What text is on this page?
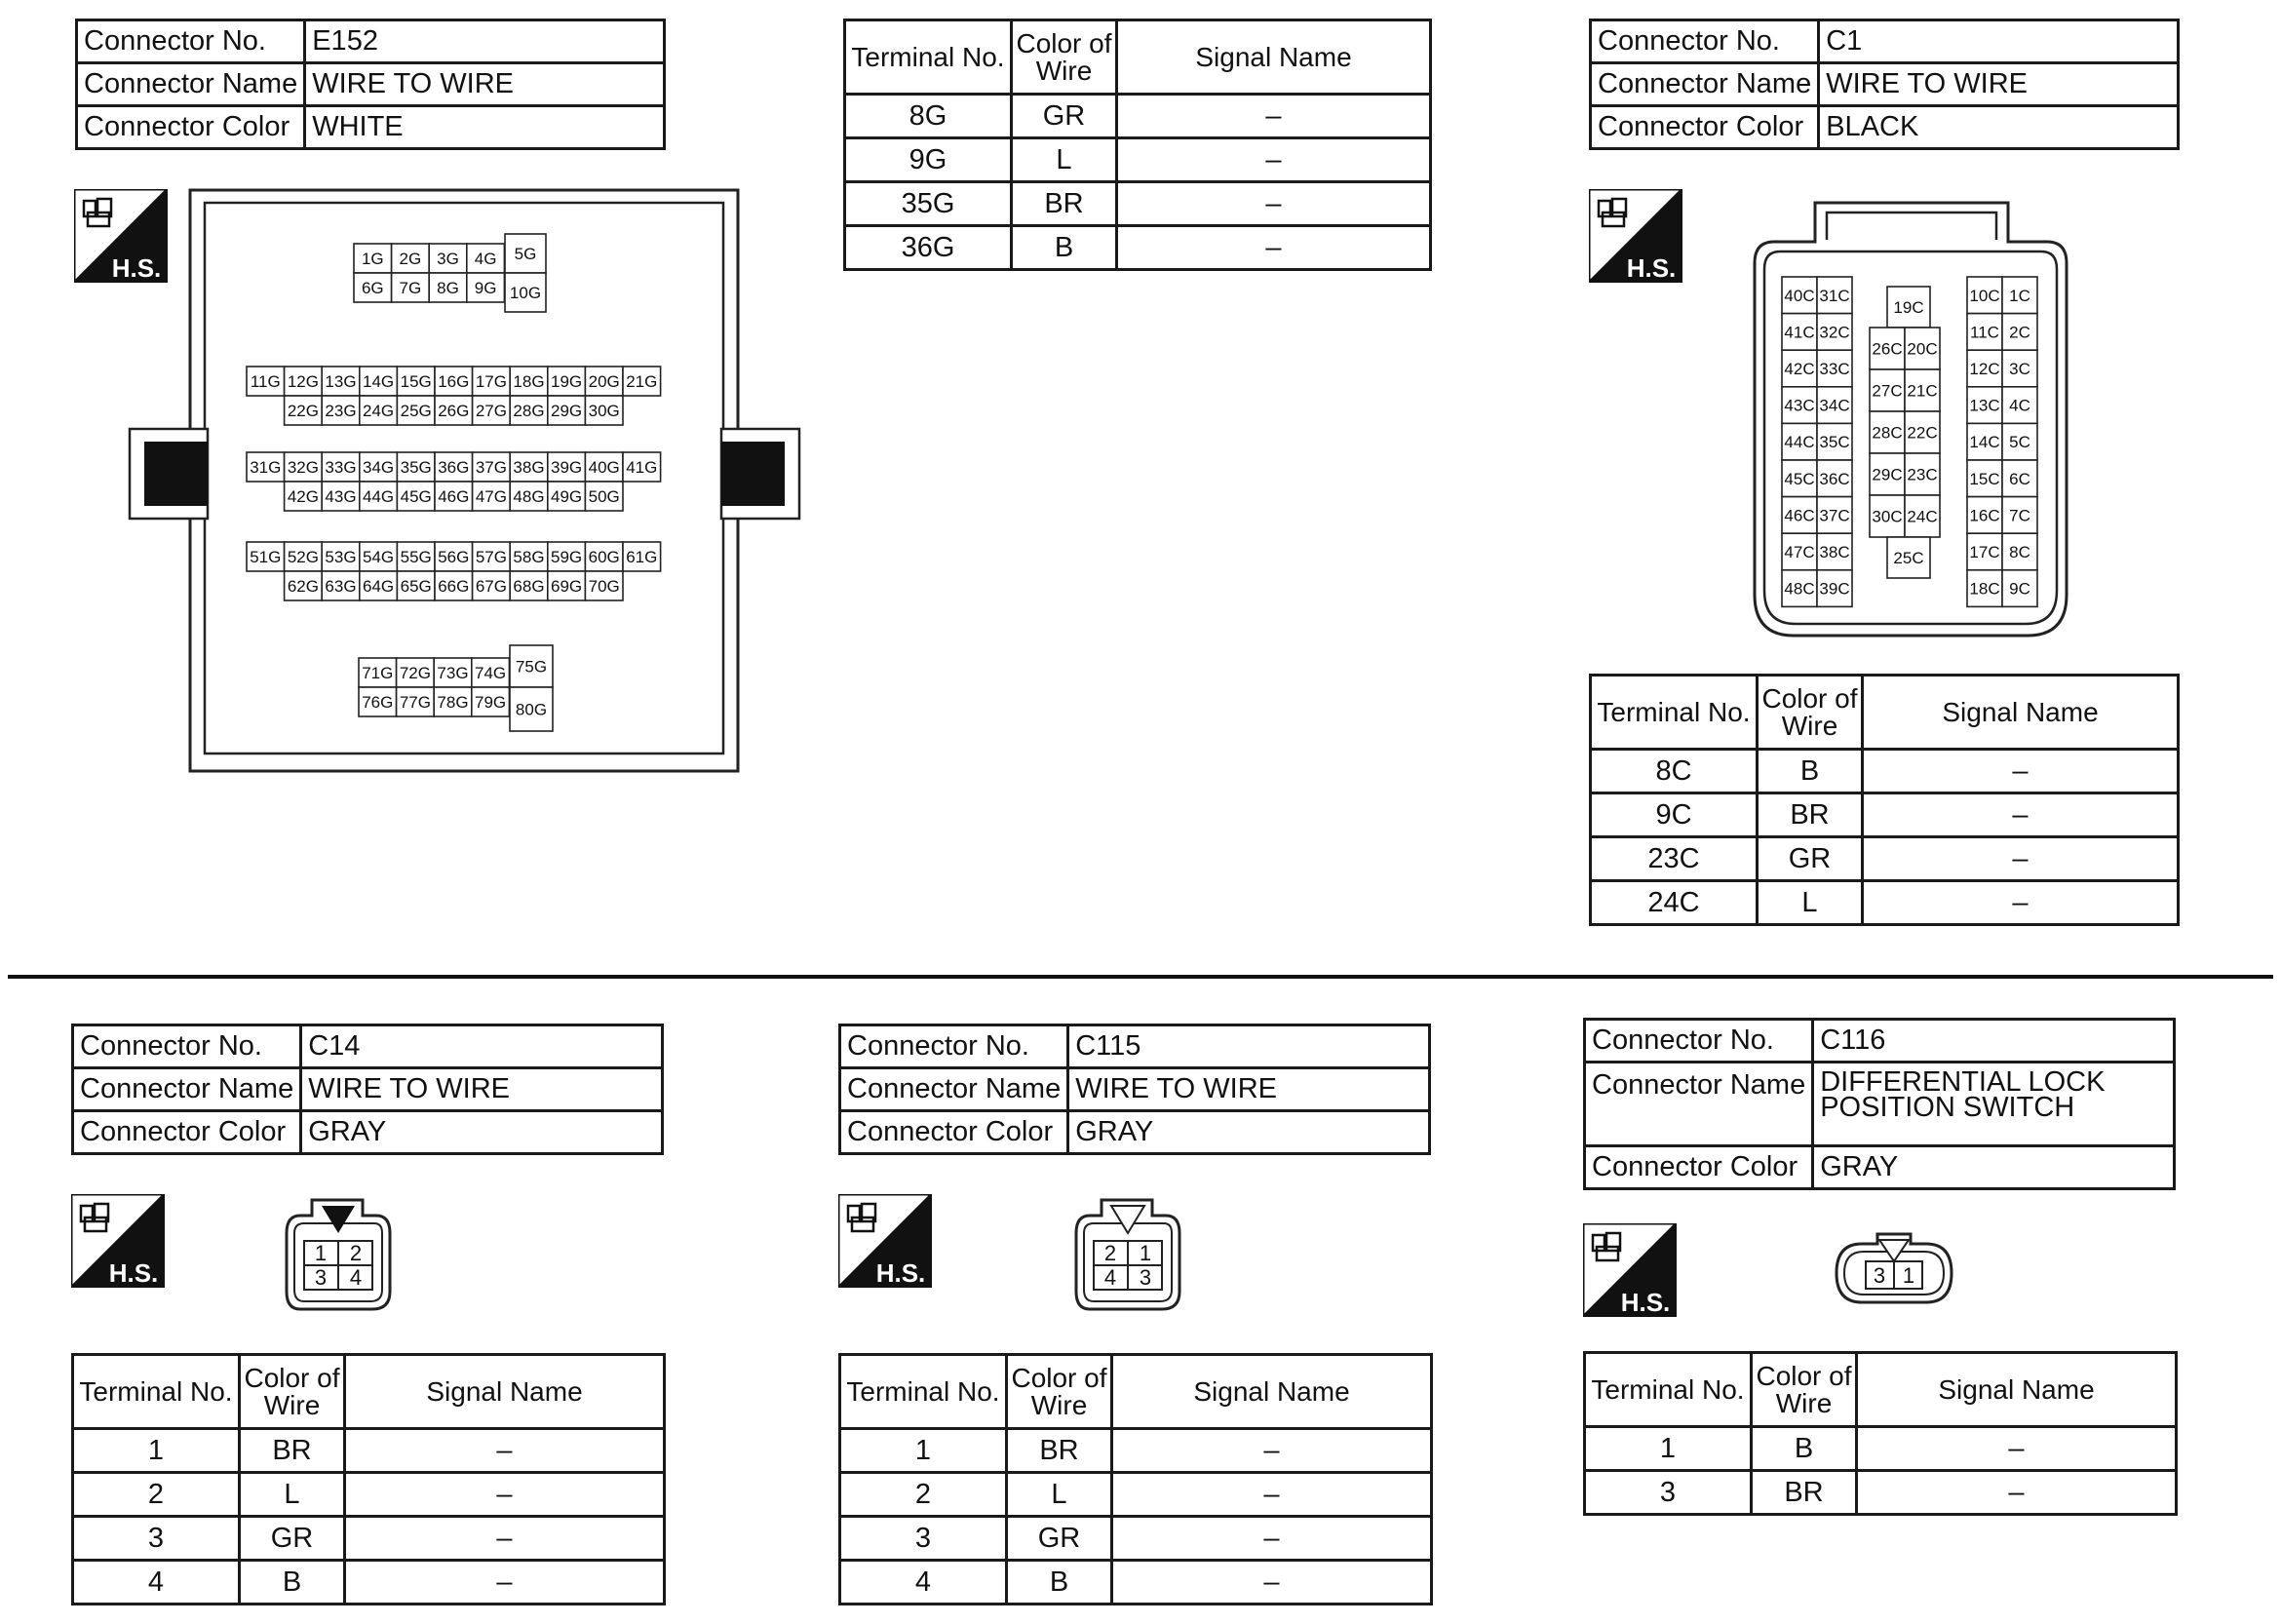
Connector No.	E152
Connector Name	WIRE TO WIRE
Connector Color	WHITE
H.S.	1G 2G 3G 4G
6G 7G 8G 9G
5G
10G
11G 12G 13G 14G 15G 16G 17G 18G 19G 20G 21G
22G 23G 24G 25G 26G 27G 28G 29G 30G
31G 32G 33G 34G 35G 36G 37G 38G 39G 40G 41G
42G 43G 44G 45G 46G 47G 48G 49G 50G
51G 52G 53G 54G 55G 56G 57G 58G 59G 60G 61G
62G 63G 64G 65G 66G 67G 68G 69G 70G
71G 72G 73G 74G
76G 77G 78G 79G
75G
80G
Terminal No.	Color of
Wire	Signal Name
8G	GR	–
9G	L	–
35G	BR	–
36G	B	–
Connector No.	C1
Connector Name	WIRE TO WIRE
Connector Color	BLACK
H.S.
40C
41C
42C
43C
44C
45C
46C
47C
48C
31C
32C
33C
34C
35C
36C
37C
38C
39C
19C
26C
27C
28C
29C
30C
20C
21C
22C
23C
24C
25C
10C
11C
12C
13C
14C
15C
16C
17C
18C
1C
2C
3C
4C
5C
6C
7C
8C
9C
Terminal No.	Color of
Wire	Signal Name
8C	B	–
9C	BR	–
23C	GR	–
24C	L	–
Connector No.	C14
Connector Name	WIRE TO WIRE
Connector Color	GRAY
H.S.
1 2
3 4
Terminal No.	Color of
Wire	Signal Name
1	BR	–
2	L	–
3	GR	–
4	B	–
Connector No.	C115
Connector Name	WIRE TO WIRE
Connector Color	GRAY
H.S.
2 1
4 3
Terminal No.	Color of
Wire	Signal Name
1	BR	–
2	L	–
3	GR	–
4	B	–
Connector No.	C116
Connector Name	DIFFERENTIAL LOCK
POSITION SWITCH
Connector Color	GRAY
H.S.
3 1
Terminal No.	Color of
Wire	Signal Name
1	B	–
3	BR	–
